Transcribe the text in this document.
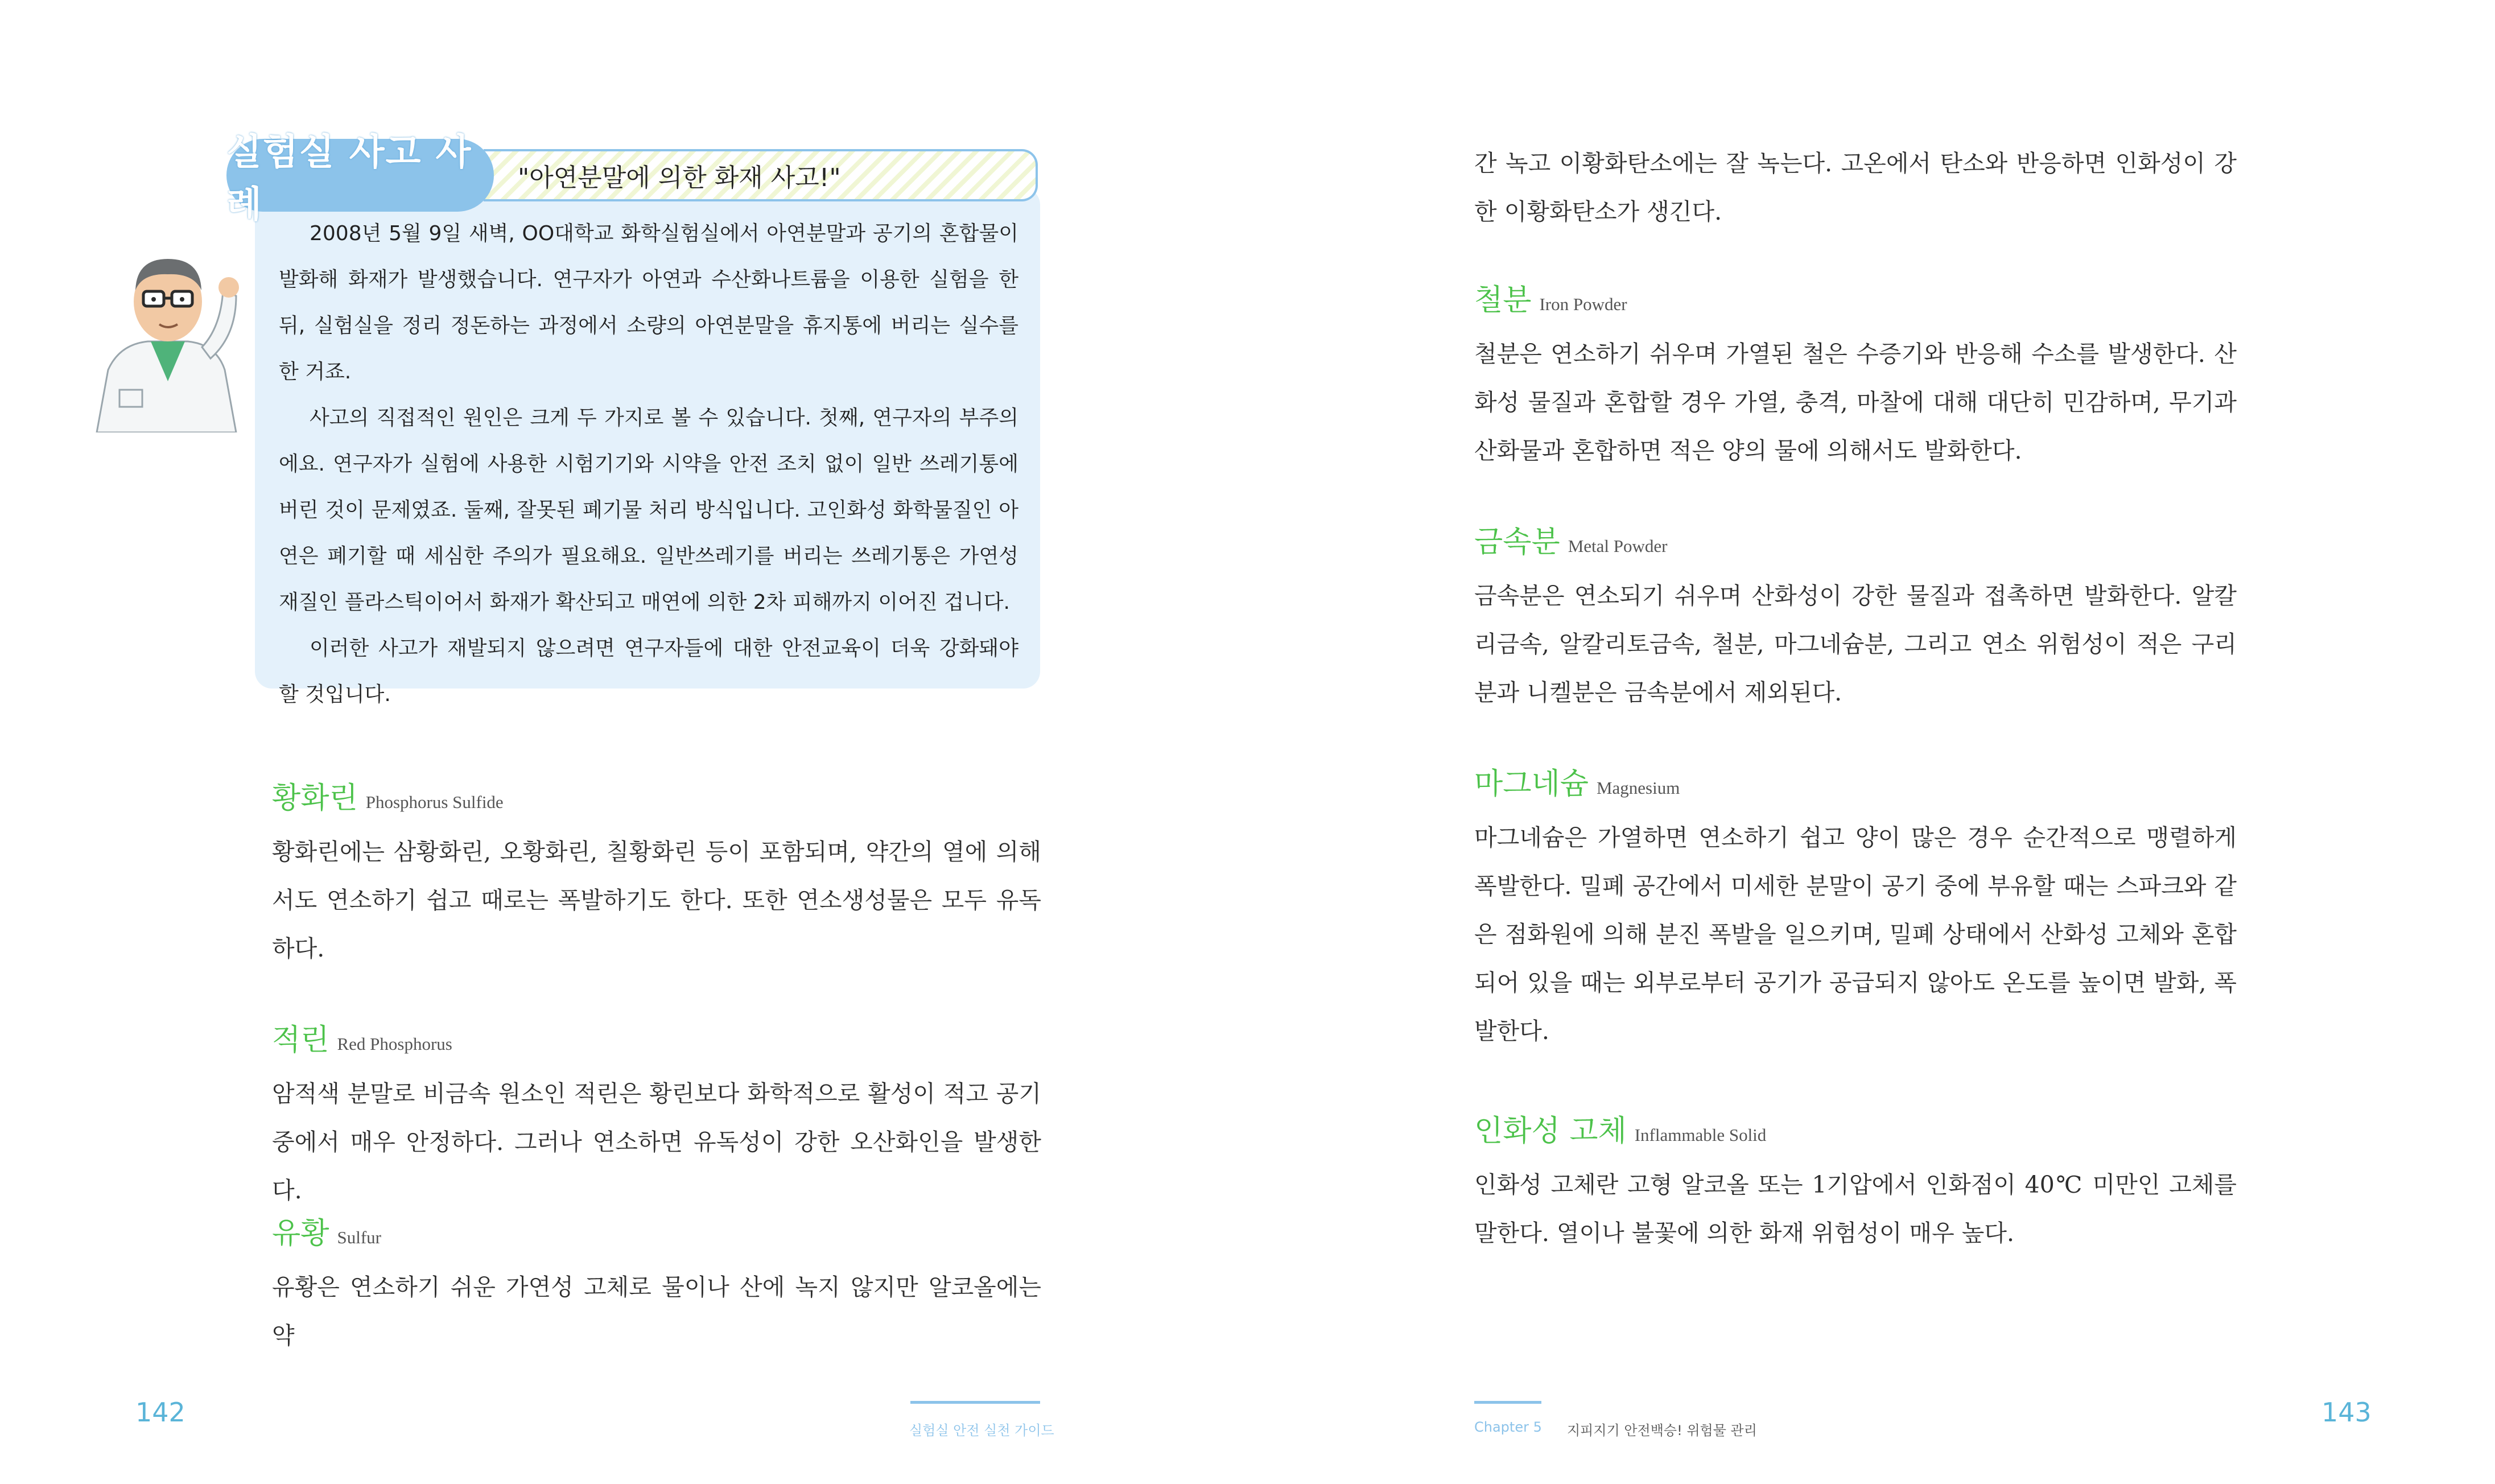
"아연분말에 의한 화재 사고!"
실험실 사고 사례

2008년 5월 9일 새벽, OO대학교 화학실험실에서 아연분말과 공기의 혼합물이 발화해 화재가 발생했습니다. 연구자가 아연과 수산화나트륨을 이용한 실험을 한 뒤, 실험실을 정리 정돈하는 과정에서 소량의 아연분말을 휴지통에 버리는 실수를 한 거죠.

사고의 직접적인 원인은 크게 두 가지로 볼 수 있습니다. 첫째, 연구자의 부주의에요. 연구자가 실험에 사용한 시험기기와 시약을 안전 조치 없이 일반 쓰레기통에 버린 것이 문제였죠. 둘째, 잘못된 폐기물 처리 방식입니다. 고인화성 화학물질인 아연은 폐기할 때 세심한 주의가 필요해요. 일반쓰레기를 버리는 쓰레기통은 가연성 재질인 플라스틱이어서 화재가 확산되고 매연에 의한 2차 피해까지 이어진 겁니다.

이러한 사고가 재발되지 않으려면 연구자들에 대한 안전교육이 더욱 강화돼야 할 것입니다.

황화린 Phosphorus Sulfide

황화린에는 삼황화린, 오황화린, 칠황화린 등이 포함되며, 약간의 열에 의해서도 연소하기 쉽고 때로는 폭발하기도 한다. 또한 연소생성물은 모두 유독하다.

적린 Red Phosphorus

암적색 분말로 비금속 원소인 적린은 황린보다 화학적으로 활성이 적고 공기 중에서 매우 안정하다. 그러나 연소하면 유독성이 강한 오산화인을 발생한다.

유황 Sulfur

유황은 연소하기 쉬운 가연성 고체로 물이나 산에 녹지 않지만 알코올에는 약

142
실험실 안전 실천 가이드

간 녹고 이황화탄소에는 잘 녹는다. 고온에서 탄소와 반응하면 인화성이 강한 이황화탄소가 생긴다.

철분 Iron Powder

철분은 연소하기 쉬우며 가열된 철은 수증기와 반응해 수소를 발생한다. 산화성 물질과 혼합할 경우 가열, 충격, 마찰에 대해 대단히 민감하며, 무기과산화물과 혼합하면 적은 양의 물에 의해서도 발화한다.

금속분 Metal Powder

금속분은 연소되기 쉬우며 산화성이 강한 물질과 접촉하면 발화한다. 알칼리금속, 알칼리토금속, 철분, 마그네슘분, 그리고 연소 위험성이 적은 구리분과 니켈분은 금속분에서 제외된다.

마그네슘 Magnesium

마그네슘은 가열하면 연소하기 쉽고 양이 많은 경우 순간적으로 맹렬하게 폭발한다. 밀폐 공간에서 미세한 분말이 공기 중에 부유할 때는 스파크와 같은 점화원에 의해 분진 폭발을 일으키며, 밀폐 상태에서 산화성 고체와 혼합되어 있을 때는 외부로부터 공기가 공급되지 않아도 온도를 높이면 발화, 폭발한다.

인화성 고체 Inflammable Solid

인화성 고체란 고형 알코올 또는 1기압에서 인화점이 40℃ 미만인 고체를 말한다. 열이나 불꽃에 의한 화재 위험성이 매우 높다.

Chapter 5 지피지기 안전백승! 위험물 관리
143
